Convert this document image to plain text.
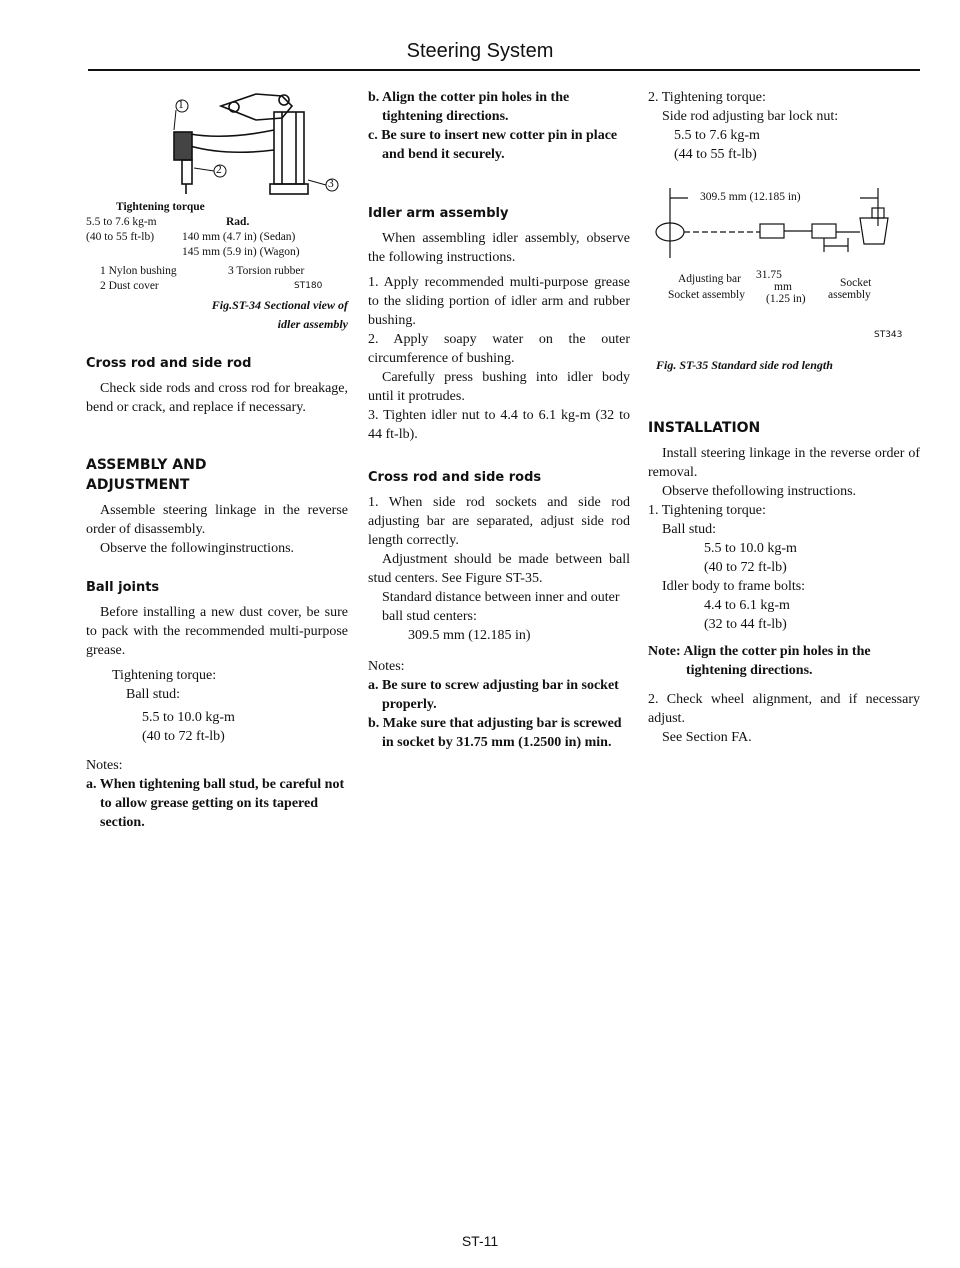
Steering System
1
2
3
Tightening torque
5.5 to 7.6 kg-m	Rad.
(40 to 55 ft-lb)	140 mm (4.7 in) (Sedan)
145 mm (5.9 in) (Wagon)
1 Nylon bushing	3 Torsion rubber
2 Dust cover	ST180
Fig.ST-34 Sectional view of
idler assembly
Cross rod and side rod

Check side rods and cross rod for breakage, bend or crack, and replace if necessary.

ASSEMBLY AND
ADJUSTMENT

Assemble steering linkage in the reverse order of disassembly.

Observe the followinginstructions.

Ball joints

Before installing a new dust cover, be sure to pack with the recommended multi-purpose grease.

Tightening torque:

Ball stud:

5.5 to 10.0 kg-m

(40 to 72 ft-lb)

Notes:

a. When tightening ball stud, be careful not to allow grease getting on its tapered section.

b. Align the cotter pin holes in the tightening directions.

c. Be sure to insert new cotter pin in place and bend it securely.

Idler arm assembly

When assembling idler assembly, observe the following instructions.

1. Apply recommended multi-purpose grease to the sliding portion of idler arm and rubber bushing.

2. Apply soapy water on the outer circumference of bushing.

Carefully press bushing into idler body until it protrudes.

3. Tighten idler nut to 4.4 to 6.1 kg-m (32 to 44 ft-lb).

Cross rod and side rods

1. When side rod sockets and side rod adjusting bar are separated, adjust side rod length correctly.

Adjustment should be made between ball stud centers. See Figure ST-35.

Standard distance between inner and outer ball stud centers:

309.5 mm (12.185 in)

Notes:

a. Be sure to screw adjusting bar in socket properly.

b. Make sure that adjusting bar is screwed in socket by 31.75 mm (1.2500 in) min.

2. Tightening torque:

Side rod adjusting bar lock nut:

5.5 to 7.6 kg-m

(44 to 55 ft-lb)

309.5 mm (12.185 in)
Adjusting bar 31.75
mm
Socket assembly (1.25 in)
Socket
assembly
ST343
Fig. ST-35 Standard side rod length
INSTALLATION

Install steering linkage in the reverse order of removal.

Observe thefollowing instructions.

1. Tightening torque:

Ball stud:

5.5 to 10.0 kg-m

(40 to 72 ft-lb)

Idler body to frame bolts:

4.4 to 6.1 kg-m

(32 to 44 ft-lb)

Note: Align the cotter pin holes in the tightening directions.

2. Check wheel alignment, and if necessary adjust.

See Section FA.

ST-11
